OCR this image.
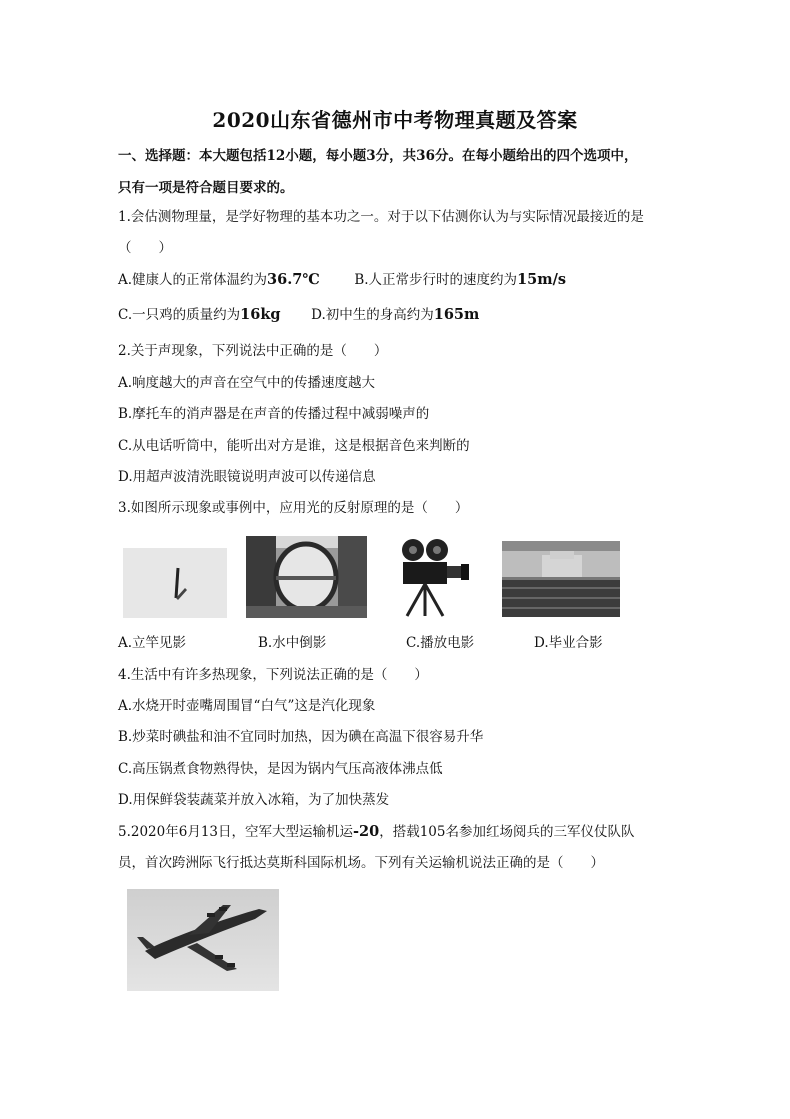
2020山东省德州市中考物理真题及答案
一、选择题：本大题包括12小题，每小题3分，共36分。在每小题给出的四个选项中，
只有一项是符合题目要求的。
1.会估测物理量，是学好物理的基本功之一。对于以下估测你认为与实际情况最接近的是
（　　）
A.健康人的正常体温约为36.7℃	B.人正常步行时的速度约为15m/s
C.一只鸡的质量约为16kg D.初中生的身高约为165m
2.关于声现象，下列说法中正确的是（　　）
A.响度越大的声音在空气中的传播速度越大
B.摩托车的消声器是在声音的传播过程中减弱噪声的
C.从电话听筒中，能听出对方是谁，这是根据音色来判断的
D.用超声波清洗眼镜说明声波可以传递信息
3.如图所示现象或事例中，应用光的反射原理的是（　　）
A.立竿见影	B.水中倒影	C.播放电影	D.毕业合影
4.生活中有许多热现象，下列说法正确的是（　　）
A.水烧开时壶嘴周围冒“白气”这是汽化现象
B.炒菜时碘盐和油不宜同时加热，因为碘在高温下很容易升华
C.高压锅煮食物熟得快，是因为锅内气压高液体沸点低
D.用保鲜袋装蔬菜并放入冰箱，为了加快蒸发
5.2020年6月13日，空军大型运输机运-20，搭载105名参加红场阅兵的三军仪仗队队
员，首次跨洲际飞行抵达莫斯科国际机场。下列有关运输机说法正确的是（　　）
